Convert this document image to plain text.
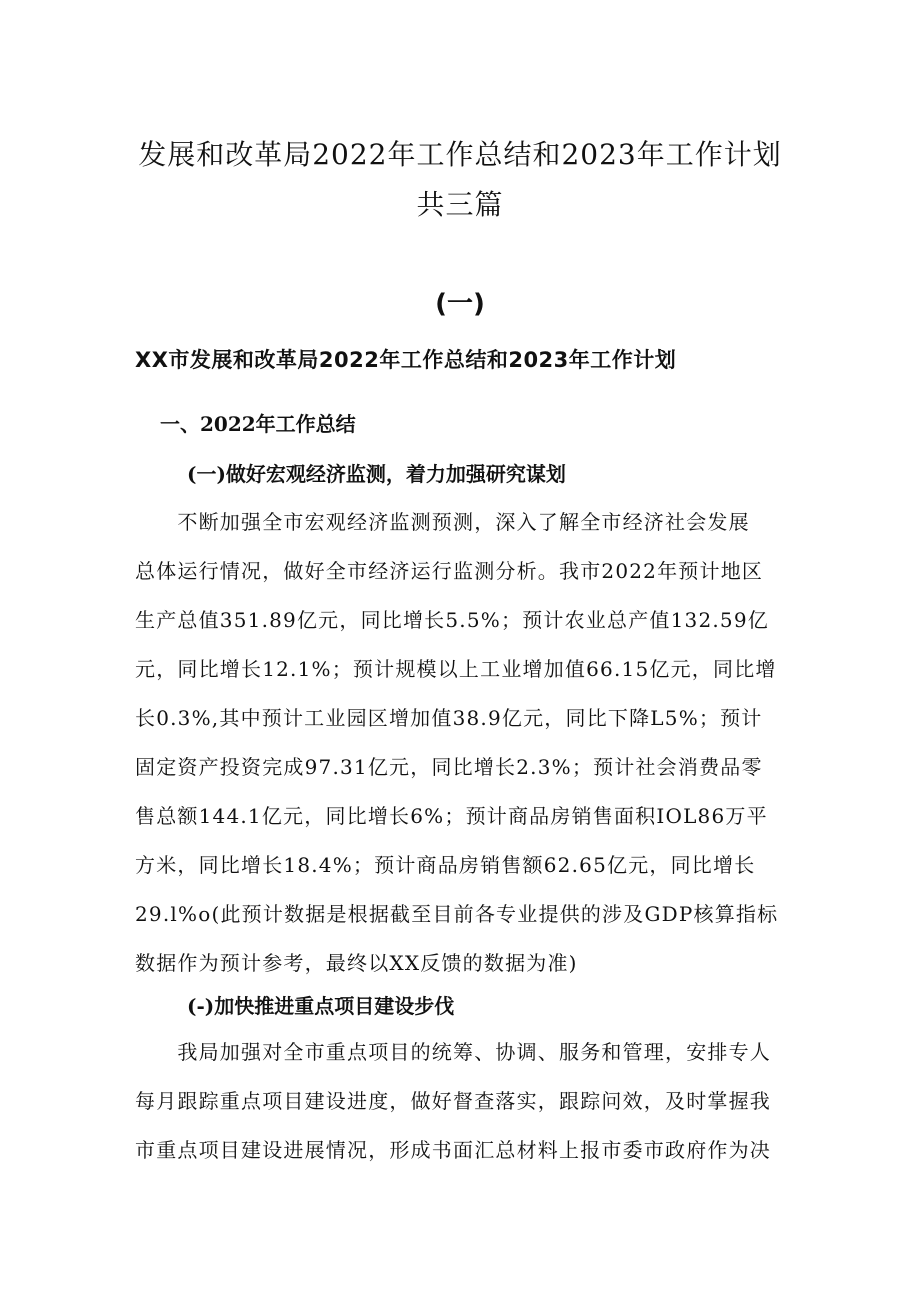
发展和改革局2022年工作总结和2023年工作计划
共三篇
(一)
XX市发展和改革局2022年工作总结和2023年工作计划
一、2022年工作总结
(一)做好宏观经济监测，着力加强研究谋划
　　不断加强全市宏观经济监测预测，深入了解全市经济社会发展
总体运行情况，做好全市经济运行监测分析。我市2022年预计地区
生产总值351.89亿元，同比增长5.5%；预计农业总产值132.59亿
元，同比增长12.1%；预计规模以上工业增加值66.15亿元，同比增
长0.3%,其中预计工业园区增加值38.9亿元，同比下降L5%；预计
固定资产投资完成97.31亿元，同比增长2.3%；预计社会消费品零
售总额144.1亿元，同比增长6%；预计商品房销售面积IOL86万平
方米，同比增长18.4%；预计商品房销售额62.65亿元，同比增长
29.l%o(此预计数据是根据截至目前各专业提供的涉及GDP核算指标
数据作为预计参考，最终以XX反馈的数据为准)
(-)加快推进重点项目建设步伐
　　我局加强对全市重点项目的统筹、协调、服务和管理，安排专人
每月跟踪重点项目建设进度，做好督查落实，跟踪问效，及时掌握我
市重点项目建设进展情况，形成书面汇总材料上报市委市政府作为决
